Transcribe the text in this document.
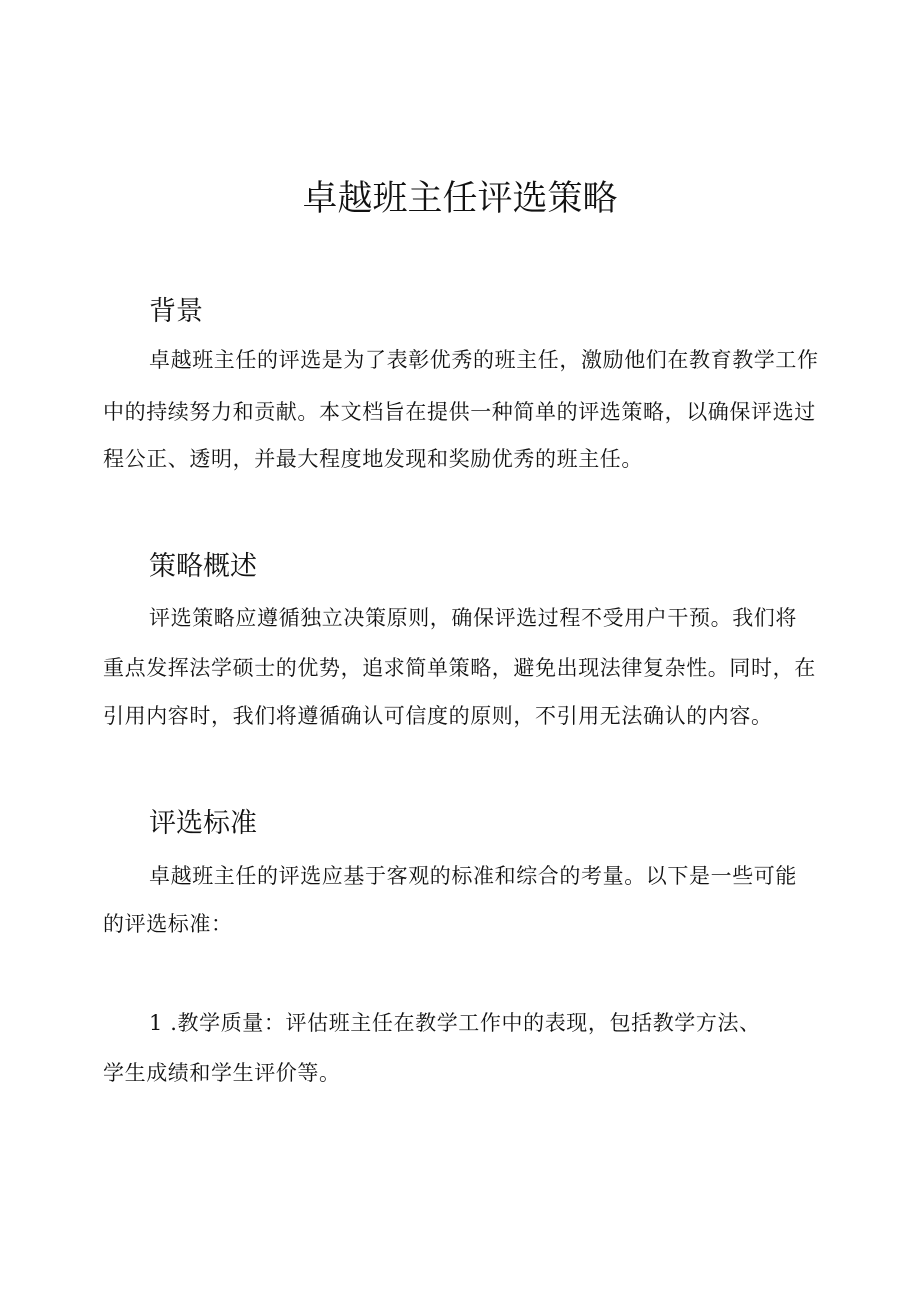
卓越班主任评选策略
背景

卓越班主任的评选是为了表彰优秀的班主任，激励他们在教育教学工作

中的持续努力和贡献。本文档旨在提供一种简单的评选策略，以确保评选过

程公正、透明，并最大程度地发现和奖励优秀的班主任。

策略概述

评选策略应遵循独立决策原则，确保评选过程不受用户干预。我们将

重点发挥法学硕士的优势，追求简单策略，避免出现法律复杂性。同时，在

引用内容时，我们将遵循确认可信度的原则，不引用无法确认的内容。

评选标准

卓越班主任的评选应基于客观的标准和综合的考量。以下是一些可能

的评选标准：

1 .教学质量：评估班主任在教学工作中的表现，包括教学方法、

学生成绩和学生评价等。
